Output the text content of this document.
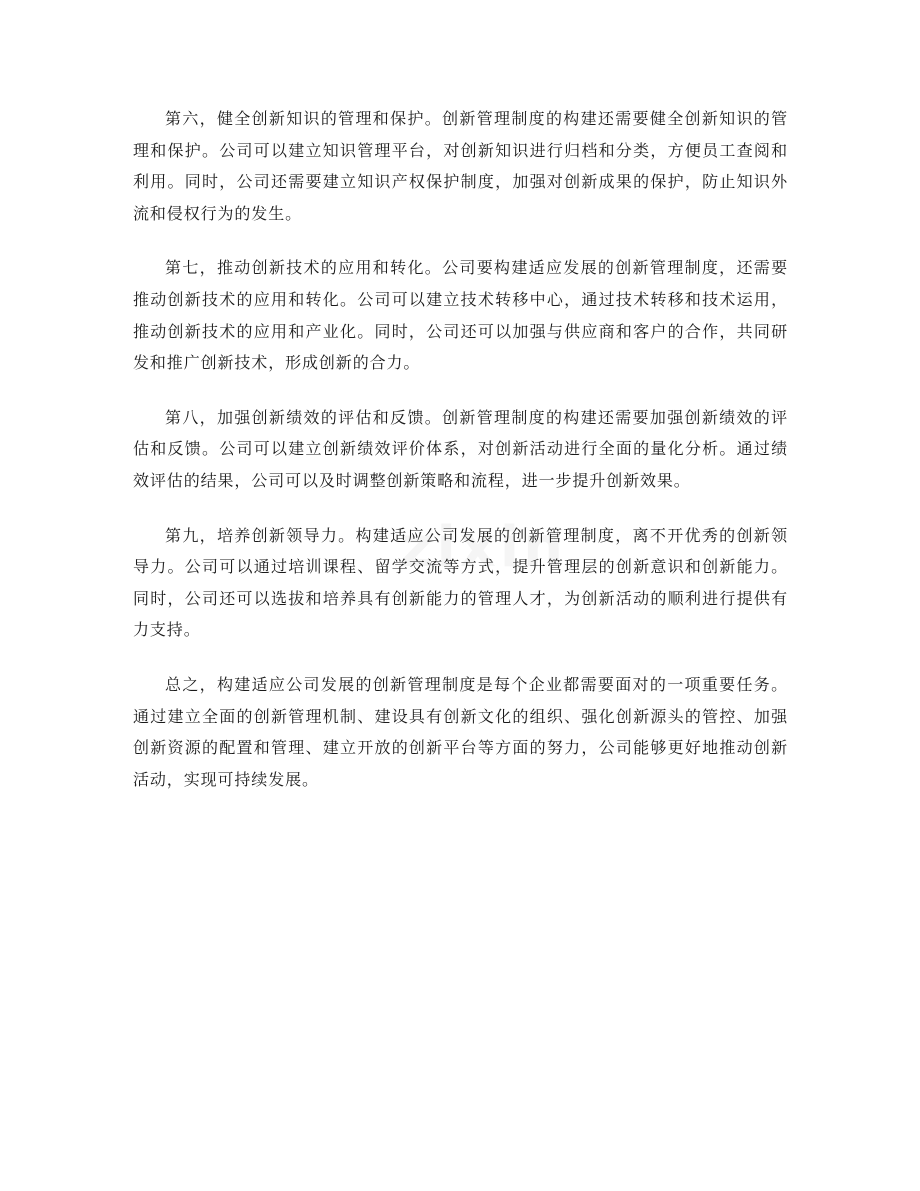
zixin

第六，健全创新知识的管理和保护。创新管理制度的构建还需要健全创新知识的管理和保护。公司可以建立知识管理平台，对创新知识进行归档和分类，方便员工查阅和利用。同时，公司还需要建立知识产权保护制度，加强对创新成果的保护，防止知识外流和侵权行为的发生。

第七，推动创新技术的应用和转化。公司要构建适应发展的创新管理制度，还需要推动创新技术的应用和转化。公司可以建立技术转移中心，通过技术转移和技术运用，推动创新技术的应用和产业化。同时，公司还可以加强与供应商和客户的合作，共同研发和推广创新技术，形成创新的合力。

第八，加强创新绩效的评估和反馈。创新管理制度的构建还需要加强创新绩效的评估和反馈。公司可以建立创新绩效评价体系，对创新活动进行全面的量化分析。通过绩效评估的结果，公司可以及时调整创新策略和流程，进一步提升创新效果。

第九，培养创新领导力。构建适应公司发展的创新管理制度，离不开优秀的创新领导力。公司可以通过培训课程、留学交流等方式，提升管理层的创新意识和创新能力。同时，公司还可以选拔和培养具有创新能力的管理人才，为创新活动的顺利进行提供有力支持。

总之，构建适应公司发展的创新管理制度是每个企业都需要面对的一项重要任务。通过建立全面的创新管理机制、建设具有创新文化的组织、强化创新源头的管控、加强创新资源的配置和管理、建立开放的创新平台等方面的努力，公司能够更好地推动创新活动，实现可持续发展。
